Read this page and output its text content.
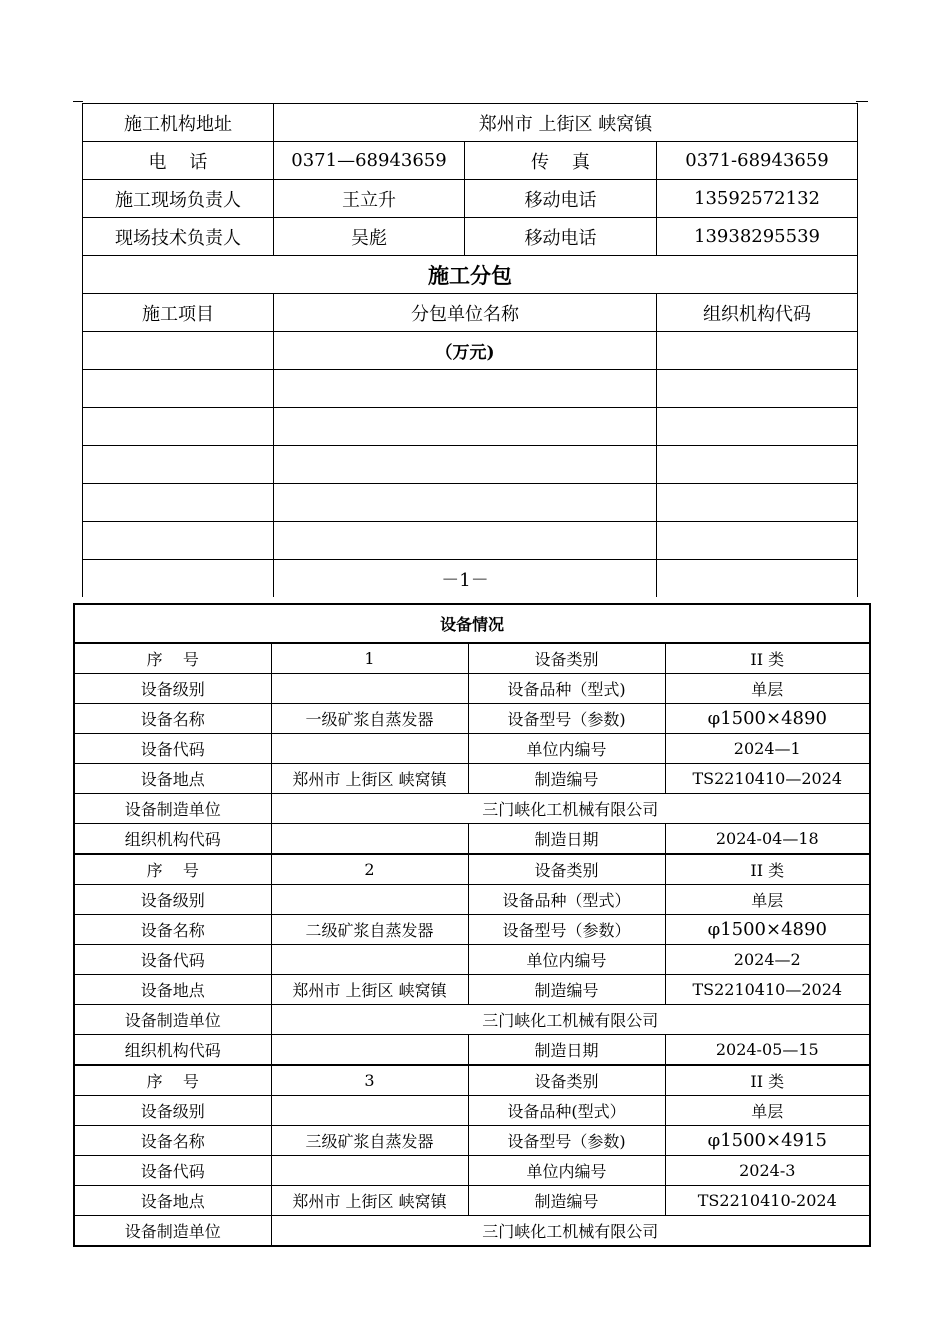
施工机构地址	郑州市 上街区 峡窝镇		
电    话	0371—68943659	传    真	0371-68943659
施工现场负责人	王立升	移动电话	13592572132
现场技术负责人	吴彪	移动电话	13938295539
施工分包			
施工项目	分包单位名称		组织机构代码
	（万元)		

	－1－		
设备情况			
序    号	1	设备类别	II 类
设备级别		设备品种（型式)	单层
设备名称	一级矿浆自蒸发器	设备型号（参数)	φ1500×4890
设备代码		单位内编号	2024—1
设备地点	郑州市 上街区 峡窝镇	制造编号	TS2210410—2024
设备制造单位	三门峡化工机械有限公司		
组织机构代码		制造日期	2024-04—18
序    号	2	设备类别	II 类
设备级别		设备品种（型式）	单层
设备名称	二级矿浆自蒸发器	设备型号（参数）	φ1500×4890
设备代码		单位内编号	2024—2
设备地点	郑州市 上街区 峡窝镇	制造编号	TS2210410—2024
设备制造单位	三门峡化工机械有限公司		
组织机构代码		制造日期	2024-05—15
序    号	3	设备类别	II 类
设备级别		设备品种(型式）	单层
设备名称	三级矿浆自蒸发器	设备型号（参数)	φ1500×4915
设备代码		单位内编号	2024-3
设备地点	郑州市 上街区 峡窝镇	制造编号	TS2210410-2024
设备制造单位	三门峡化工机械有限公司		
